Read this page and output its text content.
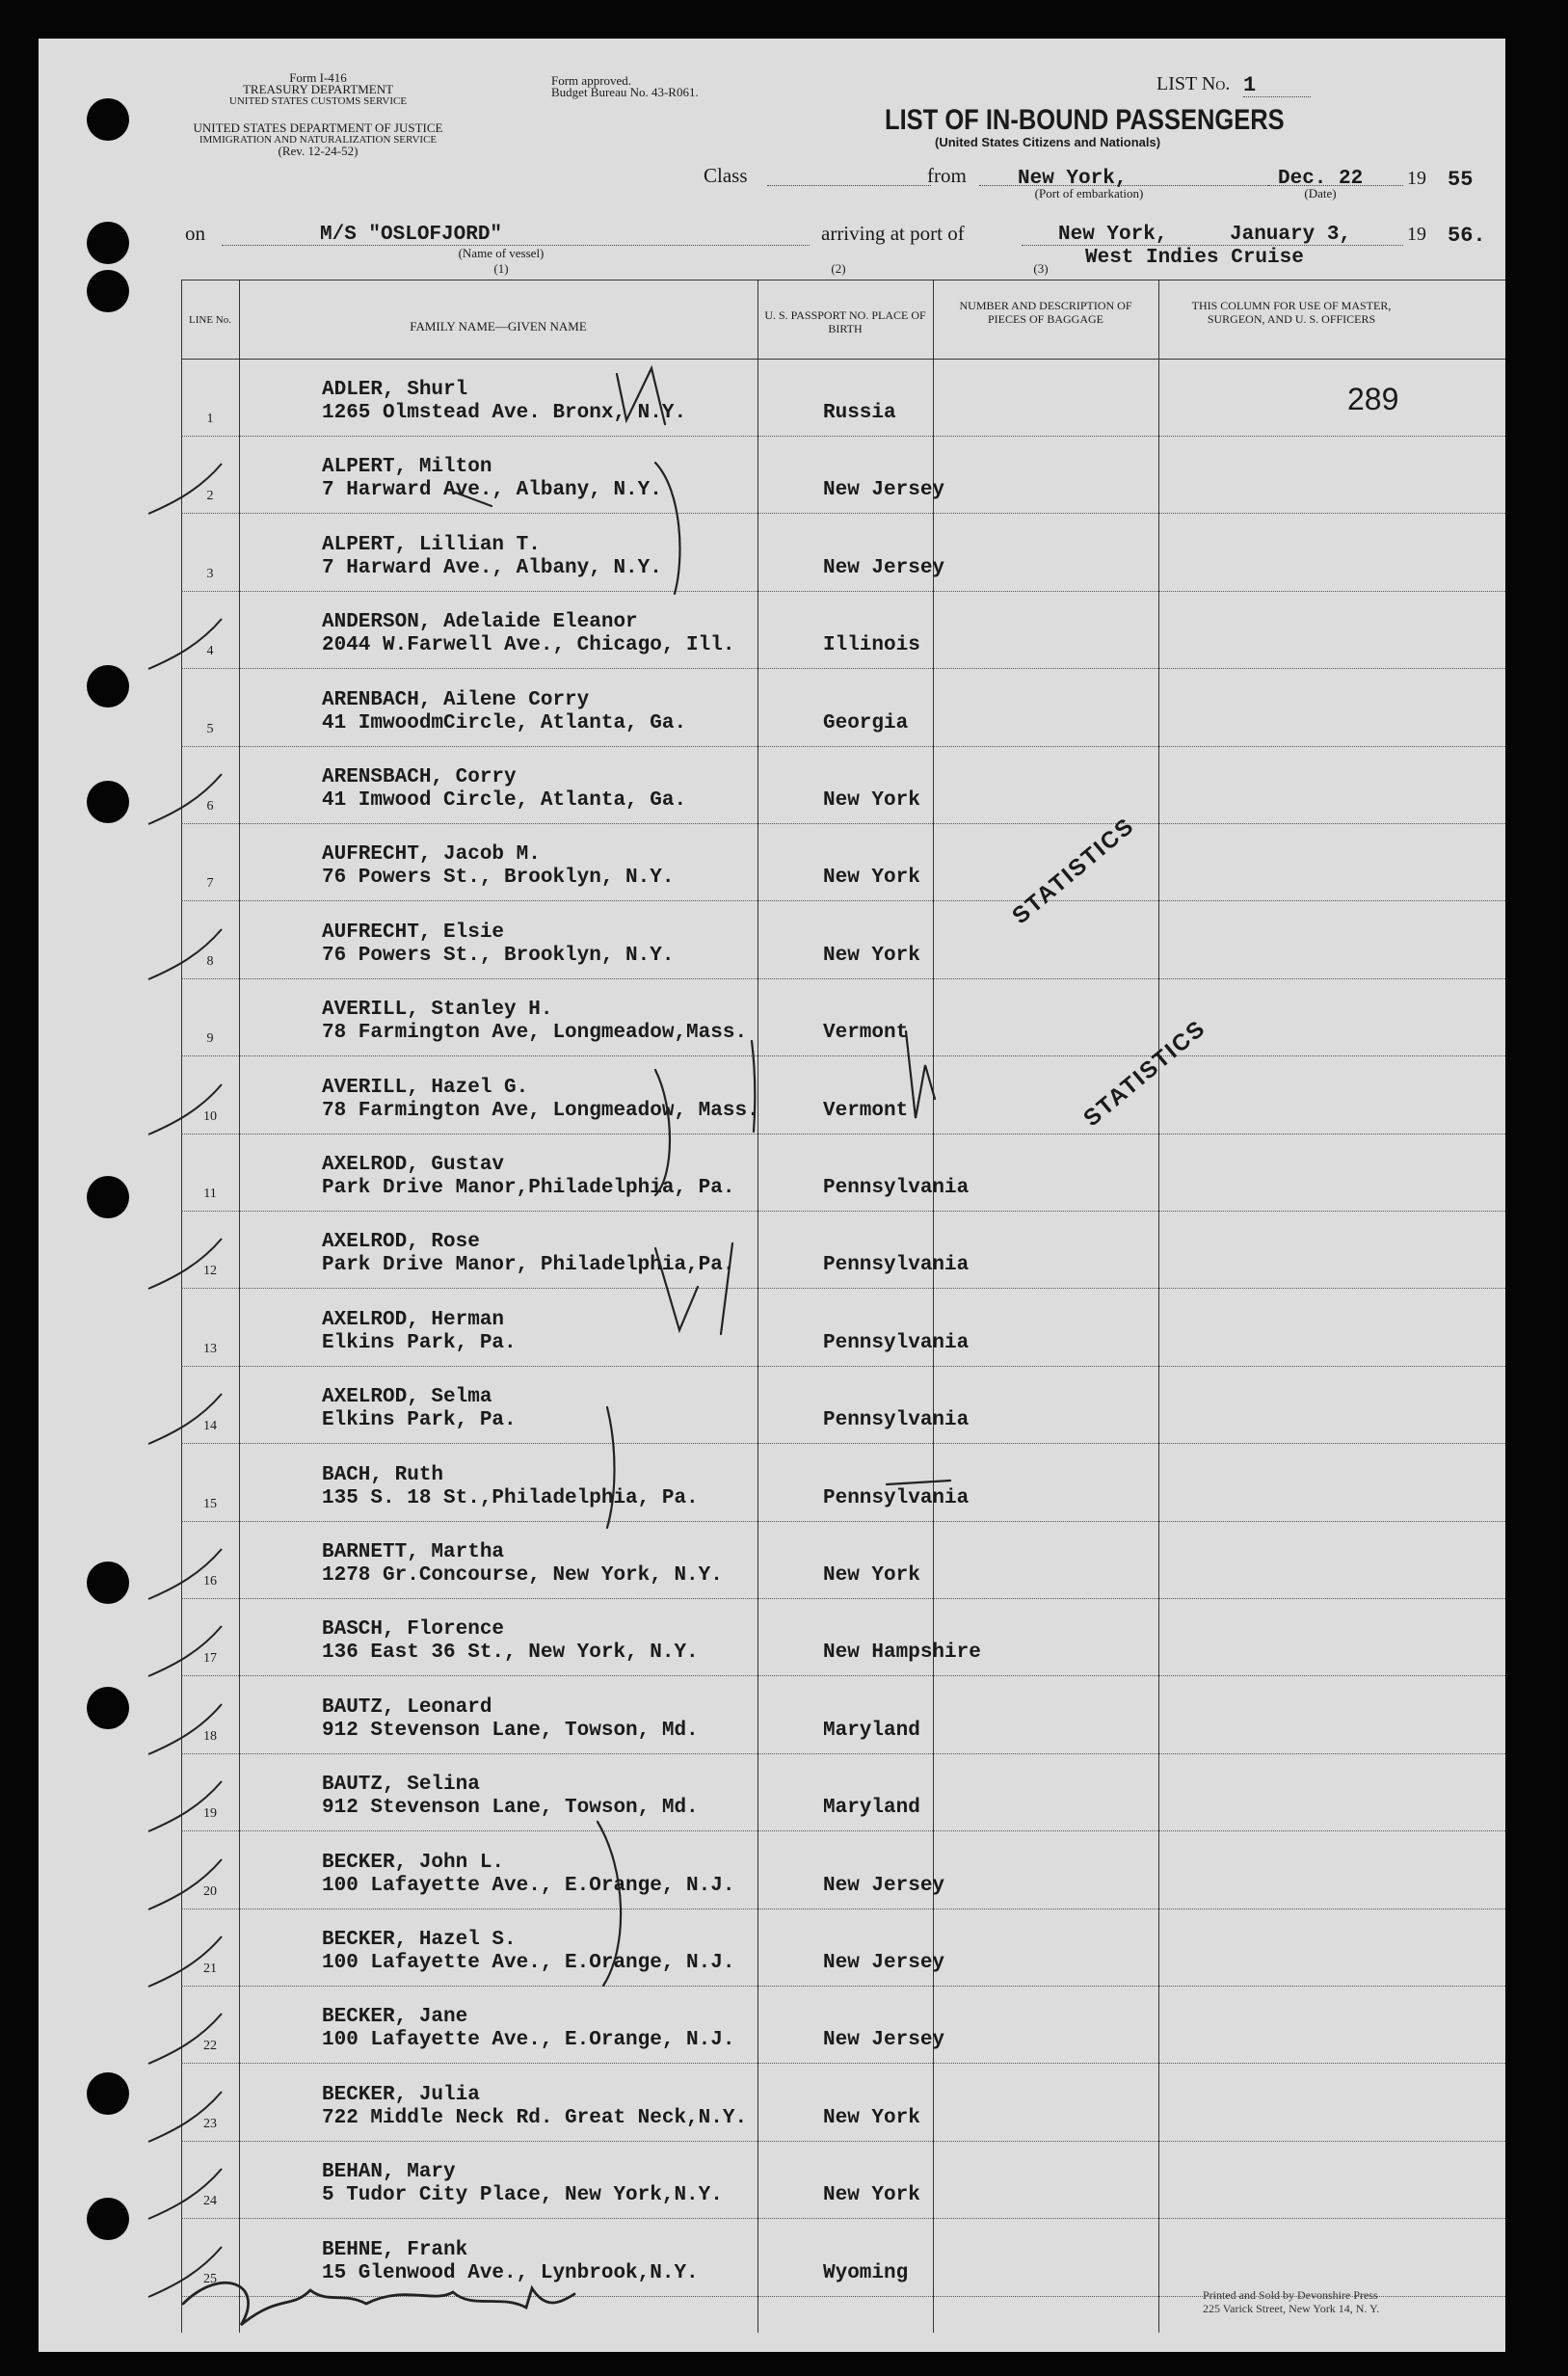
Form I-416
TREASURY DEPARTMENT
UNITED STATES CUSTOMS SERVICE
UNITED STATES DEPARTMENT OF JUSTICE
IMMIGRATION AND NATURALIZATION SERVICE
(Rev. 12-24-52)
Form approved.
Budget Bureau No. 43-R061.	LIST No. 1
LIST OF IN-BOUND PASSENGERS
(United States Citizens and Nationals)
Class	from	New York,
(Port of embarkation)
Dec. 22
(Date)
19 55
on	M/S "OSLOFJORD"
(Name of vessel)
(1)
arriving at port of	New York,	January 3,	19 56.
West Indies Cruise
(2)	(3)
LINE No.	FAMILY NAME—GIVEN NAME
U. S. PASSPORT NO. PLACE OF BIRTH
NUMBER AND DESCRIPTION OF PIECES OF BAGGAGE
THIS COLUMN FOR USE OF MASTER, SURGEON, AND U. S. OFFICERS
1
ADLER, Shurl
1265 Olmstead Ave. Bronx, N.Y.	Russia
2
ALPERT, Milton
7 Harward Ave., Albany, N.Y.	New Jersey
3
ALPERT, Lillian T.
7 Harward Ave., Albany, N.Y.	New Jersey
4
ANDERSON, Adelaide Eleanor
2044 W.Farwell Ave., Chicago, Ill.	Illinois
5
ARENBACH, Ailene Corry
41 ImwoodmCircle, Atlanta, Ga.	Georgia
6
ARENSBACH, Corry
41 Imwood Circle, Atlanta, Ga.	New York
7
AUFRECHT, Jacob M.
76 Powers St., Brooklyn, N.Y.	New York
8
AUFRECHT, Elsie
76 Powers St., Brooklyn, N.Y.	New York
9
AVERILL, Stanley H.
78 Farmington Ave, Longmeadow,Mass.	Vermont
10
AVERILL, Hazel G.
78 Farmington Ave, Longmeadow, Mass.	Vermont
11
AXELROD, Gustav
Park Drive Manor,Philadelphia, Pa.	Pennsylvania
12
AXELROD, Rose
Park Drive Manor, Philadelphia,Pa.	Pennsylvania
13
AXELROD, Herman
Elkins Park, Pa.	Pennsylvania
14
AXELROD, Selma
Elkins Park, Pa.	Pennsylvania
15
BACH, Ruth
135 S. 18 St.,Philadelphia, Pa.	Pennsylvania
16
BARNETT, Martha
1278 Gr.Concourse, New York, N.Y.	New York
17
BASCH, Florence
136 East 36 St., New York, N.Y.	New Hampshire
18
BAUTZ, Leonard
912 Stevenson Lane, Towson, Md.	Maryland
19
BAUTZ, Selina
912 Stevenson Lane, Towson, Md.	Maryland
20
BECKER, John L.
100 Lafayette Ave., E.Orange, N.J.	New Jersey
21
BECKER, Hazel S.
100 Lafayette Ave., E.Orange, N.J.	New Jersey
22
BECKER, Jane
100 Lafayette Ave., E.Orange, N.J.	New Jersey
23
BECKER, Julia
722 Middle Neck Rd. Great Neck,N.Y.	New York
24
BEHAN, Mary
5 Tudor City Place, New York,N.Y.	New York
25
BEHNE, Frank
15 Glenwood Ave., Lynbrook,N.Y.	Wyoming
289
STATISTICS
STATISTICS
Printed and Sold by Devonshire Press
225 Varick Street, New York 14, N. Y.
